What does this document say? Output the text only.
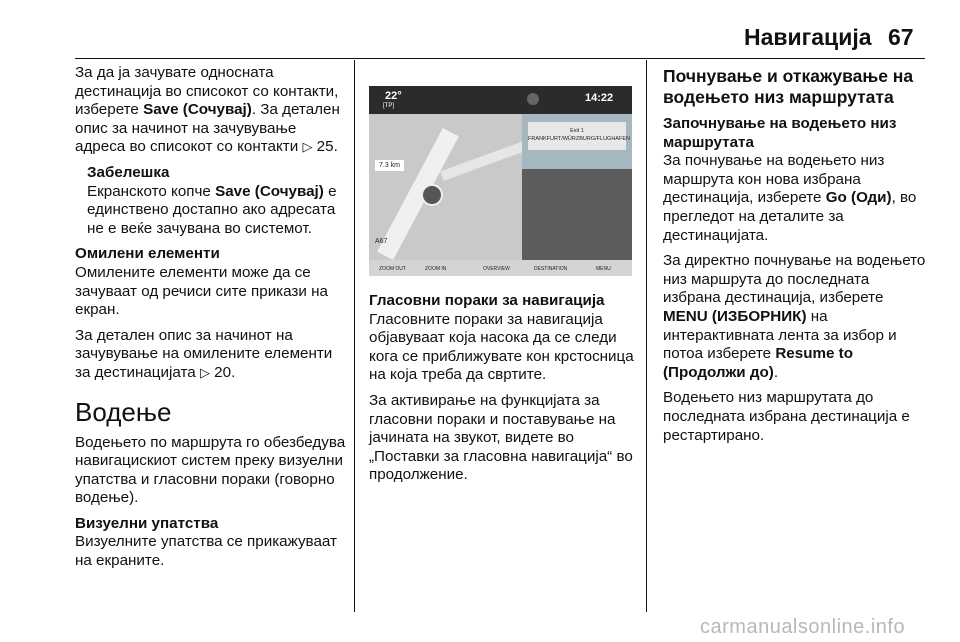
Навигација 67

За да ја зачувате односната дестинација во списокот со контакти, изберете Save (Сочувај). За детален опис за начинот на зачувување адреса во списокот со контакти ▷ 25.

Забелешка

Екранското копче Save (Сочувај) е единствено достапно ако адресата не е веќе зачувана во системот.

Омилени елементи

Омилените елементи може да се зачуваат од речиси сите прикази на екран.

За детален опис за начинот на зачувување на омилените елементи за дестинацијата ▷ 20.

Водење

Водењето по маршрута го обезбедува навигацискиот систем преку визуелни упатства и гласовни пораки (говорно водење).

Визуелни упатства

Визуелните упатства се прикажуваат на екраните.

22°
[TP]
14:22
7.3 km
Exit 1
FRANKFURT/WÜRZBURG/FLUGHAFEN
A67
ZOOM OUT	ZOOM IN	OVERVIEW	DESTINATION	MENU

Гласовни пораки за навигација

Гласовните пораки за навигација објавуваат која насока да се следи кога се приближувате кон крстосница на која треба да свртите.

За активирање на функцијата за гласовни пораки и поставување на јачината на звукот, видете во „Поставки за гласовна навигација“ во продолжение.

Почнување и откажување на водењето низ маршрутата

Започнување на водењето низ маршрутата

За почнување на водењето низ маршрута кон нова избрана дестинација, изберете Go (Оди), во прегледот на деталите за дестинацијата.

За директно почнување на водењето низ маршрута до последната избрана дестинација, изберете MENU (ИЗБОРНИК) на интерактивната лента за избор и потоа изберете Resume to (Продолжи до).

Водењето низ маршрутата до последната избрана дестинација е рестартирано.

carmanualsonline.info
